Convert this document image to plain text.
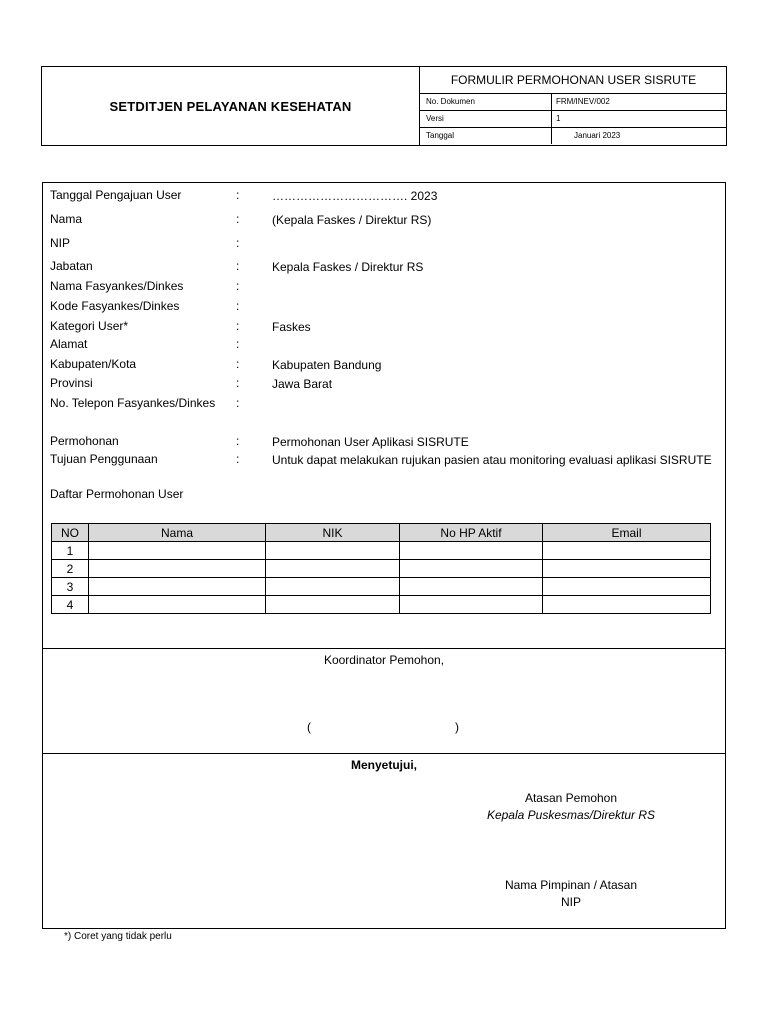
SETDITJEN PELAYANAN KESEHATAN
FORMULIR PERMOHONAN USER SISRUTE
No. Dokumen	FRM/INEV/002
Versi	1
Tanggal	Januari 2023
Tanggal Pengajuan User	:	……………………………. 2023
Nama	:	(Kepala Faskes / Direktur RS)
NIP	:
Jabatan	:	Kepala Faskes / Direktur RS
Nama Fasyankes/Dinkes	:
Kode Fasyankes/Dinkes	:
Kategori User*	:	Faskes
Alamat	:
Kabupaten/Kota	:	Kabupaten Bandung
Provinsi	:	Jawa Barat
No. Telepon Fasyankes/Dinkes :
Permohonan	:	Permohonan User Aplikasi SISRUTE
Tujuan Penggunaan	:	Untuk dapat melakukan rujukan pasien atau monitoring evaluasi aplikasi SISRUTE
Daftar Permohonan User
NO	Nama	NIK	No HP Aktif	Email
1				
2				
3				
4				
Koordinator Pemohon,
(	)
Menyetujui,
Atasan Pemohon
Kepala Puskesmas/Direktur RS
Nama Pimpinan / Atasan
NIP
*) Coret yang tidak perlu
